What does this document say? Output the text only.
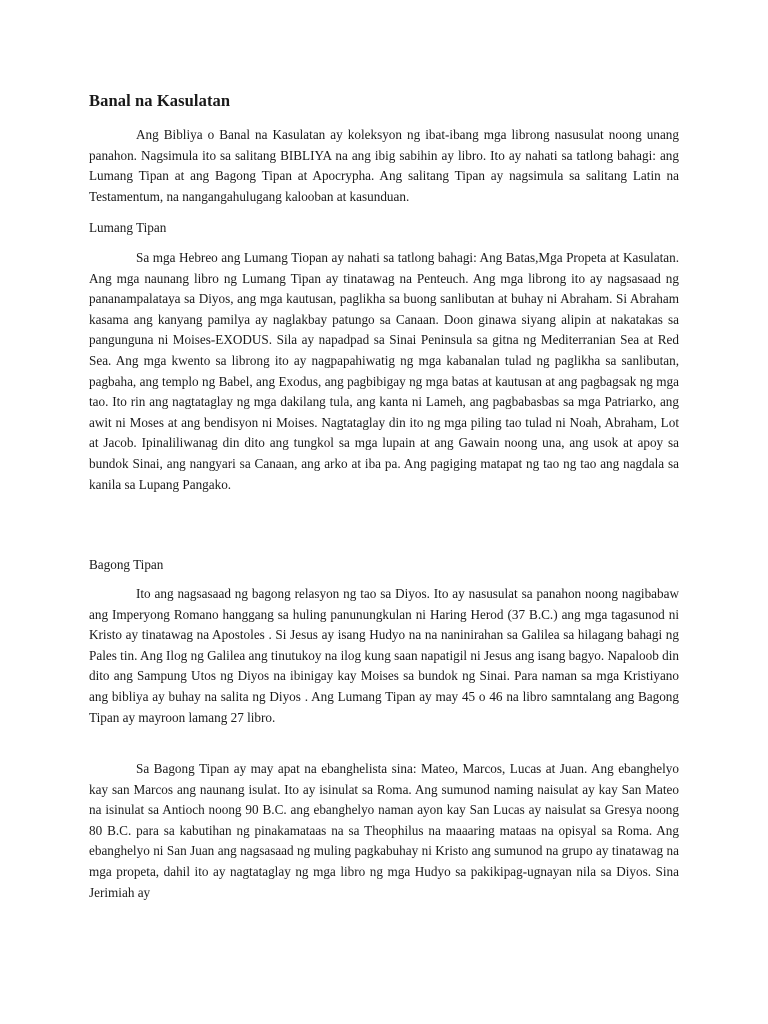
Banal na Kasulatan

Ang Bibliya o Banal na Kasulatan ay koleksyon ng ibat-ibang mga librong nasusulat noong unang panahon. Nagsimula ito sa salitang BIBLIYA na ang ibig sabihin ay libro. Ito ay nahati sa tatlong bahagi: ang Lumang Tipan at ang Bagong Tipan at Apocrypha. Ang salitang Tipan ay nagsimula sa salitang Latin na Testamentum, na nangangahulugang kalooban at kasunduan.

Lumang Tipan

Sa mga Hebreo ang Lumang Tiopan ay nahati sa tatlong bahagi: Ang Batas,Mga Propeta at Kasulatan. Ang mga naunang libro ng Lumang Tipan ay tinatawag na Penteuch. Ang mga librong ito ay nagsasaad ng pananampalataya sa Diyos, ang mga kautusan, paglikha sa buong sanlibutan at buhay ni Abraham. Si Abraham kasama ang kanyang pamilya ay naglakbay patungo sa Canaan. Doon ginawa siyang alipin at nakatakas sa pangunguna ni Moises-EXODUS. Sila ay napadpad sa Sinai Peninsula sa gitna ng Mediterranian Sea at Red Sea. Ang mga kwento sa librong ito ay nagpapahiwatig ng mga kabanalan tulad ng paglikha sa sanlibutan, pagbaha, ang templo ng Babel, ang Exodus, ang pagbibigay ng mga batas at kautusan at ang pagbagsak ng mga tao. Ito rin ang nagtataglay ng mga dakilang tula, ang kanta ni Lameh, ang pagbabasbas sa mga Patriarko, ang awit ni Moses at ang bendisyon ni Moises. Nagtataglay din ito ng mga piling tao tulad ni Noah, Abraham, Lot at Jacob. Ipinaliliwanag din dito ang tungkol sa mga lupain at ang Gawain noong una, ang usok at apoy sa bundok Sinai, ang nangyari sa Canaan, ang arko at iba pa. Ang pagiging matapat ng tao ng tao ang nagdala sa kanila sa Lupang Pangako.

Bagong Tipan

Ito ang nagsasaad ng bagong relasyon ng tao sa Diyos. Ito ay nasusulat sa panahon noong nagibabaw ang Imperyong Romano hanggang sa huling panunungkulan ni Haring Herod (37 B.C.) ang mga tagasunod ni Kristo ay tinatawag na Apostoles . Si Jesus ay isang Hudyo na na naninirahan sa Galilea sa hilagang bahagi ng Pales tin. Ang Ilog ng Galilea ang tinutukoy na ilog kung saan napatigil ni Jesus ang isang bagyo. Napaloob din dito ang Sampung Utos ng Diyos na ibinigay kay Moises sa bundok ng Sinai. Para naman sa mga Kristiyano ang bibliya ay buhay na salita ng Diyos . Ang Lumang Tipan ay may 45 o 46 na libro samntalang ang Bagong Tipan ay mayroon lamang 27 libro.

Sa Bagong Tipan ay may apat na ebanghelista sina: Mateo, Marcos, Lucas at Juan. Ang ebanghelyo kay san Marcos ang naunang isulat. Ito ay isinulat sa Roma. Ang sumunod naming naisulat ay kay San Mateo na isinulat sa Antioch noong 90 B.C. ang ebanghelyo naman ayon kay San Lucas ay naisulat sa Gresya noong 80 B.C. para sa kabutihan ng pinakamataas na sa Theophilus na maaaring mataas na opisyal sa Roma. Ang ebanghelyo ni San Juan ang nagsasaad ng muling pagkabuhay ni Kristo ang sumunod na grupo ay tinatawag na mga propeta, dahil ito ay nagtataglay ng mga libro ng mga Hudyo sa pakikipag-ugnayan nila sa Diyos. Sina Jerimiah ay
